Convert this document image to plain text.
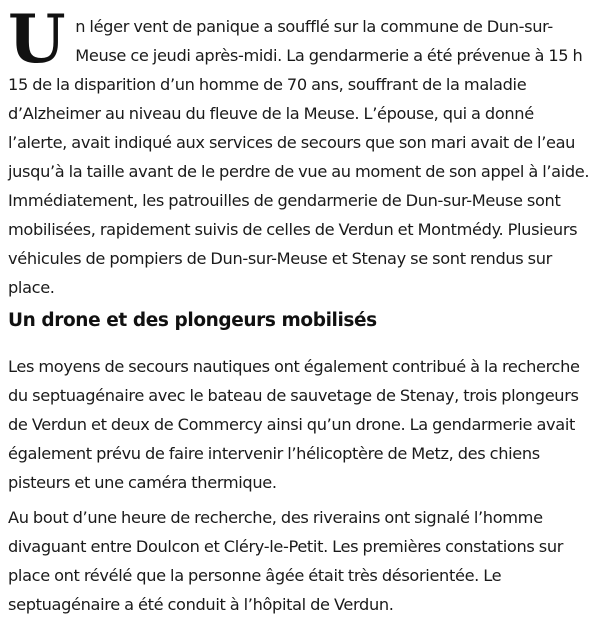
Un léger vent de panique a soufflé sur la commune de Dun-sur-Meuse ce jeudi après-midi. La gendarmerie a été prévenue à 15 h 15 de la disparition d’un homme de 70 ans, souffrant de la maladie d’Alzheimer au niveau du fleuve de la Meuse. L’épouse, qui a donné l’alerte, avait indiqué aux services de secours que son mari avait de l’eau jusqu’à la taille avant de le perdre de vue au moment de son appel à l’aide. Immédiatement, les patrouilles de gendarmerie de Dun-sur-Meuse sont mobilisées, rapidement suivis de celles de Verdun et Montmédy. Plusieurs véhicules de pompiers de Dun-sur-Meuse et Stenay se sont rendus sur place.

Un drone et des plongeurs mobilisés

Les moyens de secours nautiques ont également contribué à la recherche du septuagénaire avec le bateau de sauvetage de Stenay, trois plongeurs de Verdun et deux de Commercy ainsi qu’un drone. La gendarmerie avait également prévu de faire intervenir l’hélicoptère de Metz, des chiens pisteurs et une caméra thermique.

Au bout d’une heure de recherche, des riverains ont signalé l’homme divaguant entre Doulcon et Cléry-le-Petit. Les premières constations sur place ont révélé que la personne âgée était très désorientée. Le septuagénaire a été conduit à l’hôpital de Verdun.
